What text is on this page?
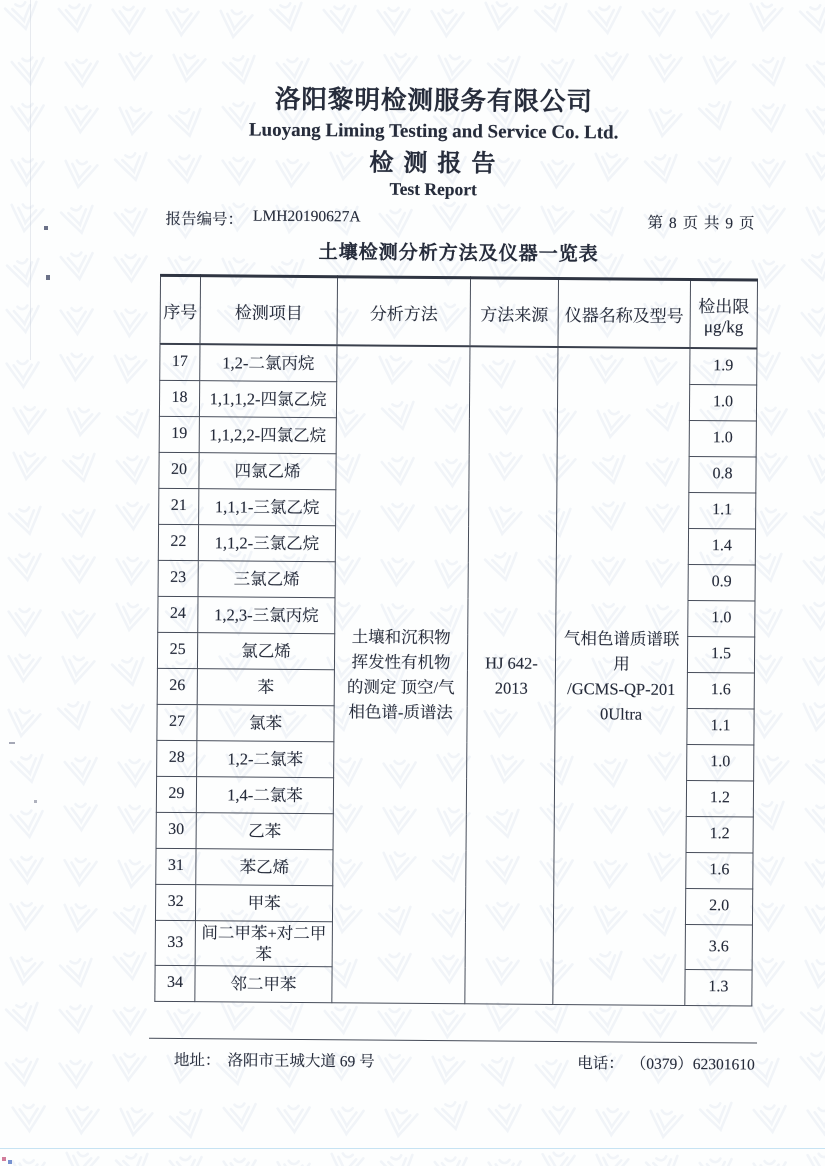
洛阳黎明检测服务有限公司
Luoyang Liming Testing and Service Co. Ltd.
检 测 报 告
Test Report
报告编号： LMH20190627A	第 8 页 共 9 页
土壤检测分析方法及仪器一览表
序号	检测项目	分析方法	方法来源	仪器名称及型号	检出限
μg/kg
17	1,2-二氯丙烷	土壤和沉积物
挥发性有机物
的测定 顶空/气
相色谱-质谱法	HJ 642-2013	气相色谱质谱联
用
/GCMS-QP-201
0Ultra	1.9
18	1,1,1,2-四氯乙烷				1.0
19	1,1,2,2-四氯乙烷				1.0
20	四氯乙烯				0.8
21	1,1,1-三氯乙烷				1.1
22	1,1,2-三氯乙烷				1.4
23	三氯乙烯				0.9
24	1,2,3-三氯丙烷				1.0
25	氯乙烯				1.5
26	苯				1.6
27	氯苯				1.1
28	1,2-二氯苯				1.0
29	1,4-二氯苯				1.2
30	乙苯				1.2
31	苯乙烯				1.6
32	甲苯				2.0
33	间二甲苯+对二甲苯				3.6
34	邻二甲苯				1.3
地址： 洛阳市王城大道 69 号	电话： （0379）62301610
